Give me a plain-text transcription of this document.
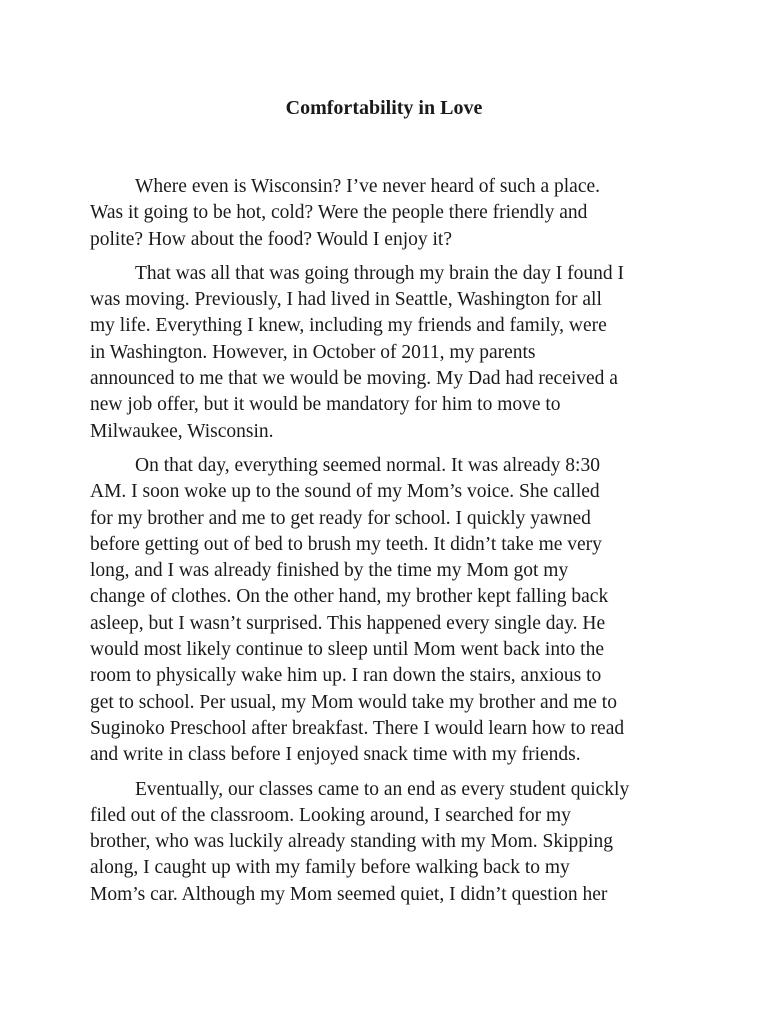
Comfortability in Love

Where even is Wisconsin? I’ve never heard of such a place.
Was it going to be hot, cold? Were the people there friendly and
polite? How about the food? Would I enjoy it?

That was all that was going through my brain the day I found I
was moving. Previously, I had lived in Seattle, Washington for all
my life. Everything I knew, including my friends and family, were
in Washington. However, in October of 2011, my parents
announced to me that we would be moving. My Dad had received a
new job offer, but it would be mandatory for him to move to
Milwaukee, Wisconsin.

On that day, everything seemed normal. It was already 8:30
AM. I soon woke up to the sound of my Mom’s voice. She called
for my brother and me to get ready for school. I quickly yawned
before getting out of bed to brush my teeth. It didn’t take me very
long, and I was already finished by the time my Mom got my
change of clothes. On the other hand, my brother kept falling back
asleep, but I wasn’t surprised. This happened every single day. He
would most likely continue to sleep until Mom went back into the
room to physically wake him up. I ran down the stairs, anxious to
get to school. Per usual, my Mom would take my brother and me to
Suginoko Preschool after breakfast. There I would learn how to read
and write in class before I enjoyed snack time with my friends.

Eventually, our classes came to an end as every student quickly
filed out of the classroom. Looking around, I searched for my
brother, who was luckily already standing with my Mom. Skipping
along, I caught up with my family before walking back to my
Mom’s car. Although my Mom seemed quiet, I didn’t question her
